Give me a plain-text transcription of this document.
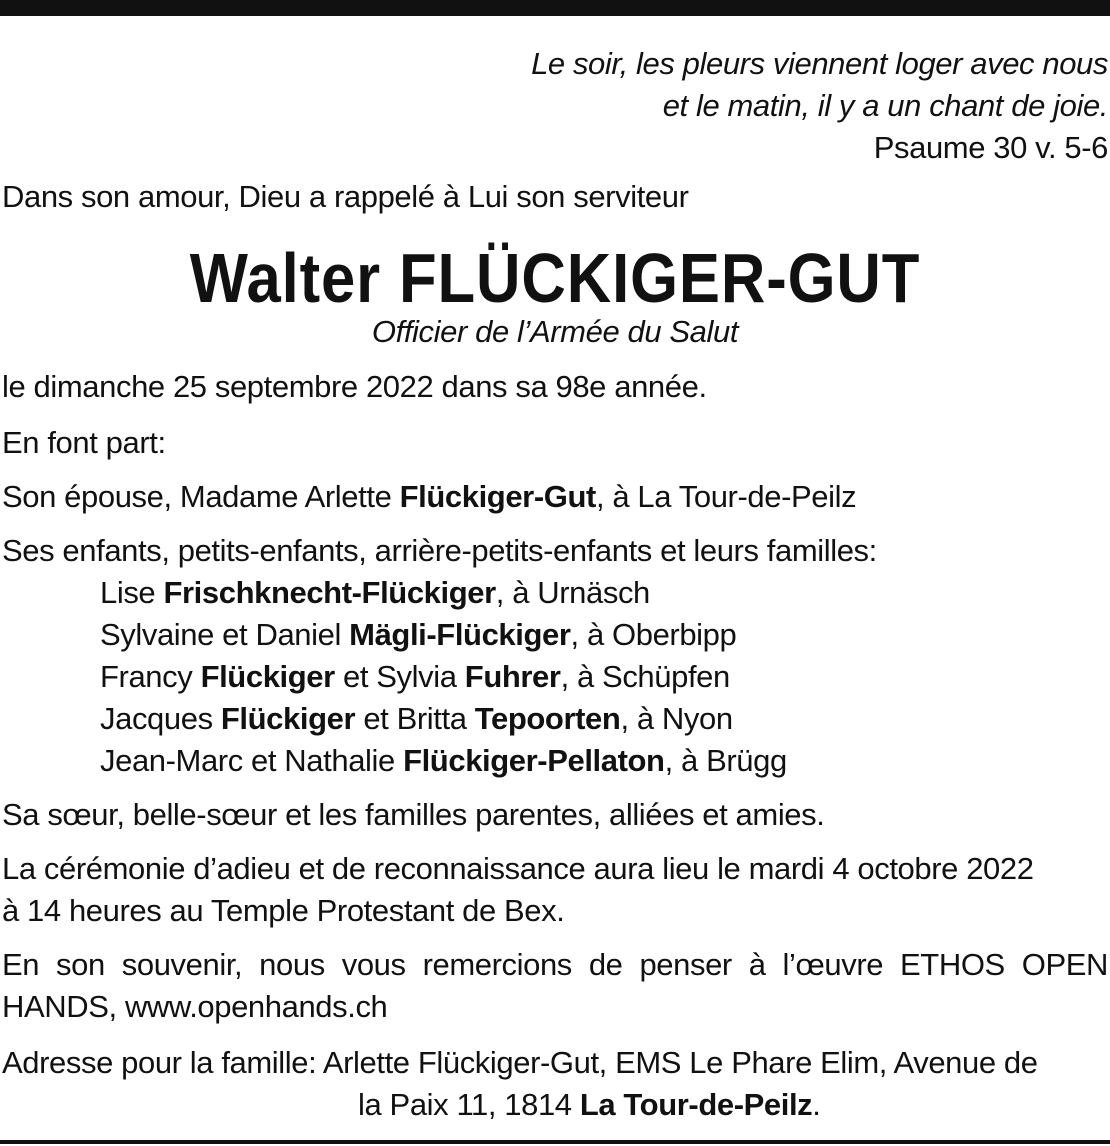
Le soir, les pleurs viennent loger avec nous
et le matin, il y a un chant de joie.
Psaume 30 v. 5-6
Dans son amour, Dieu a rappelé à Lui son serviteur
Walter FLÜCKIGER-GUT
Officier de l’Armée du Salut
le dimanche 25 septembre 2022 dans sa 98e année.
En font part:
Son épouse, Madame Arlette Flückiger-Gut, à La Tour-de-Peilz
Ses enfants, petits-enfants, arrière-petits-enfants et leurs familles:
Lise Frischknecht-Flückiger, à Urnäsch
Sylvaine et Daniel Mägli-Flückiger, à Oberbipp
Francy Flückiger et Sylvia Fuhrer, à Schüpfen
Jacques Flückiger et Britta Tepoorten, à Nyon
Jean-Marc et Nathalie Flückiger-Pellaton, à Brügg
Sa sœur, belle-sœur et les familles parentes, alliées et amies.
La cérémonie d’adieu et de reconnaissance aura lieu le mardi 4 octobre 2022
à 14 heures au Temple Protestant de Bex.
En son souvenir, nous vous remercions de penser à l’œuvre ETHOS OPEN HANDS, www.openhands.ch
Adresse pour la famille: Arlette Flückiger-Gut, EMS Le Phare Elim, Avenue de
la Paix 11, 1814 La Tour-de-Peilz.
